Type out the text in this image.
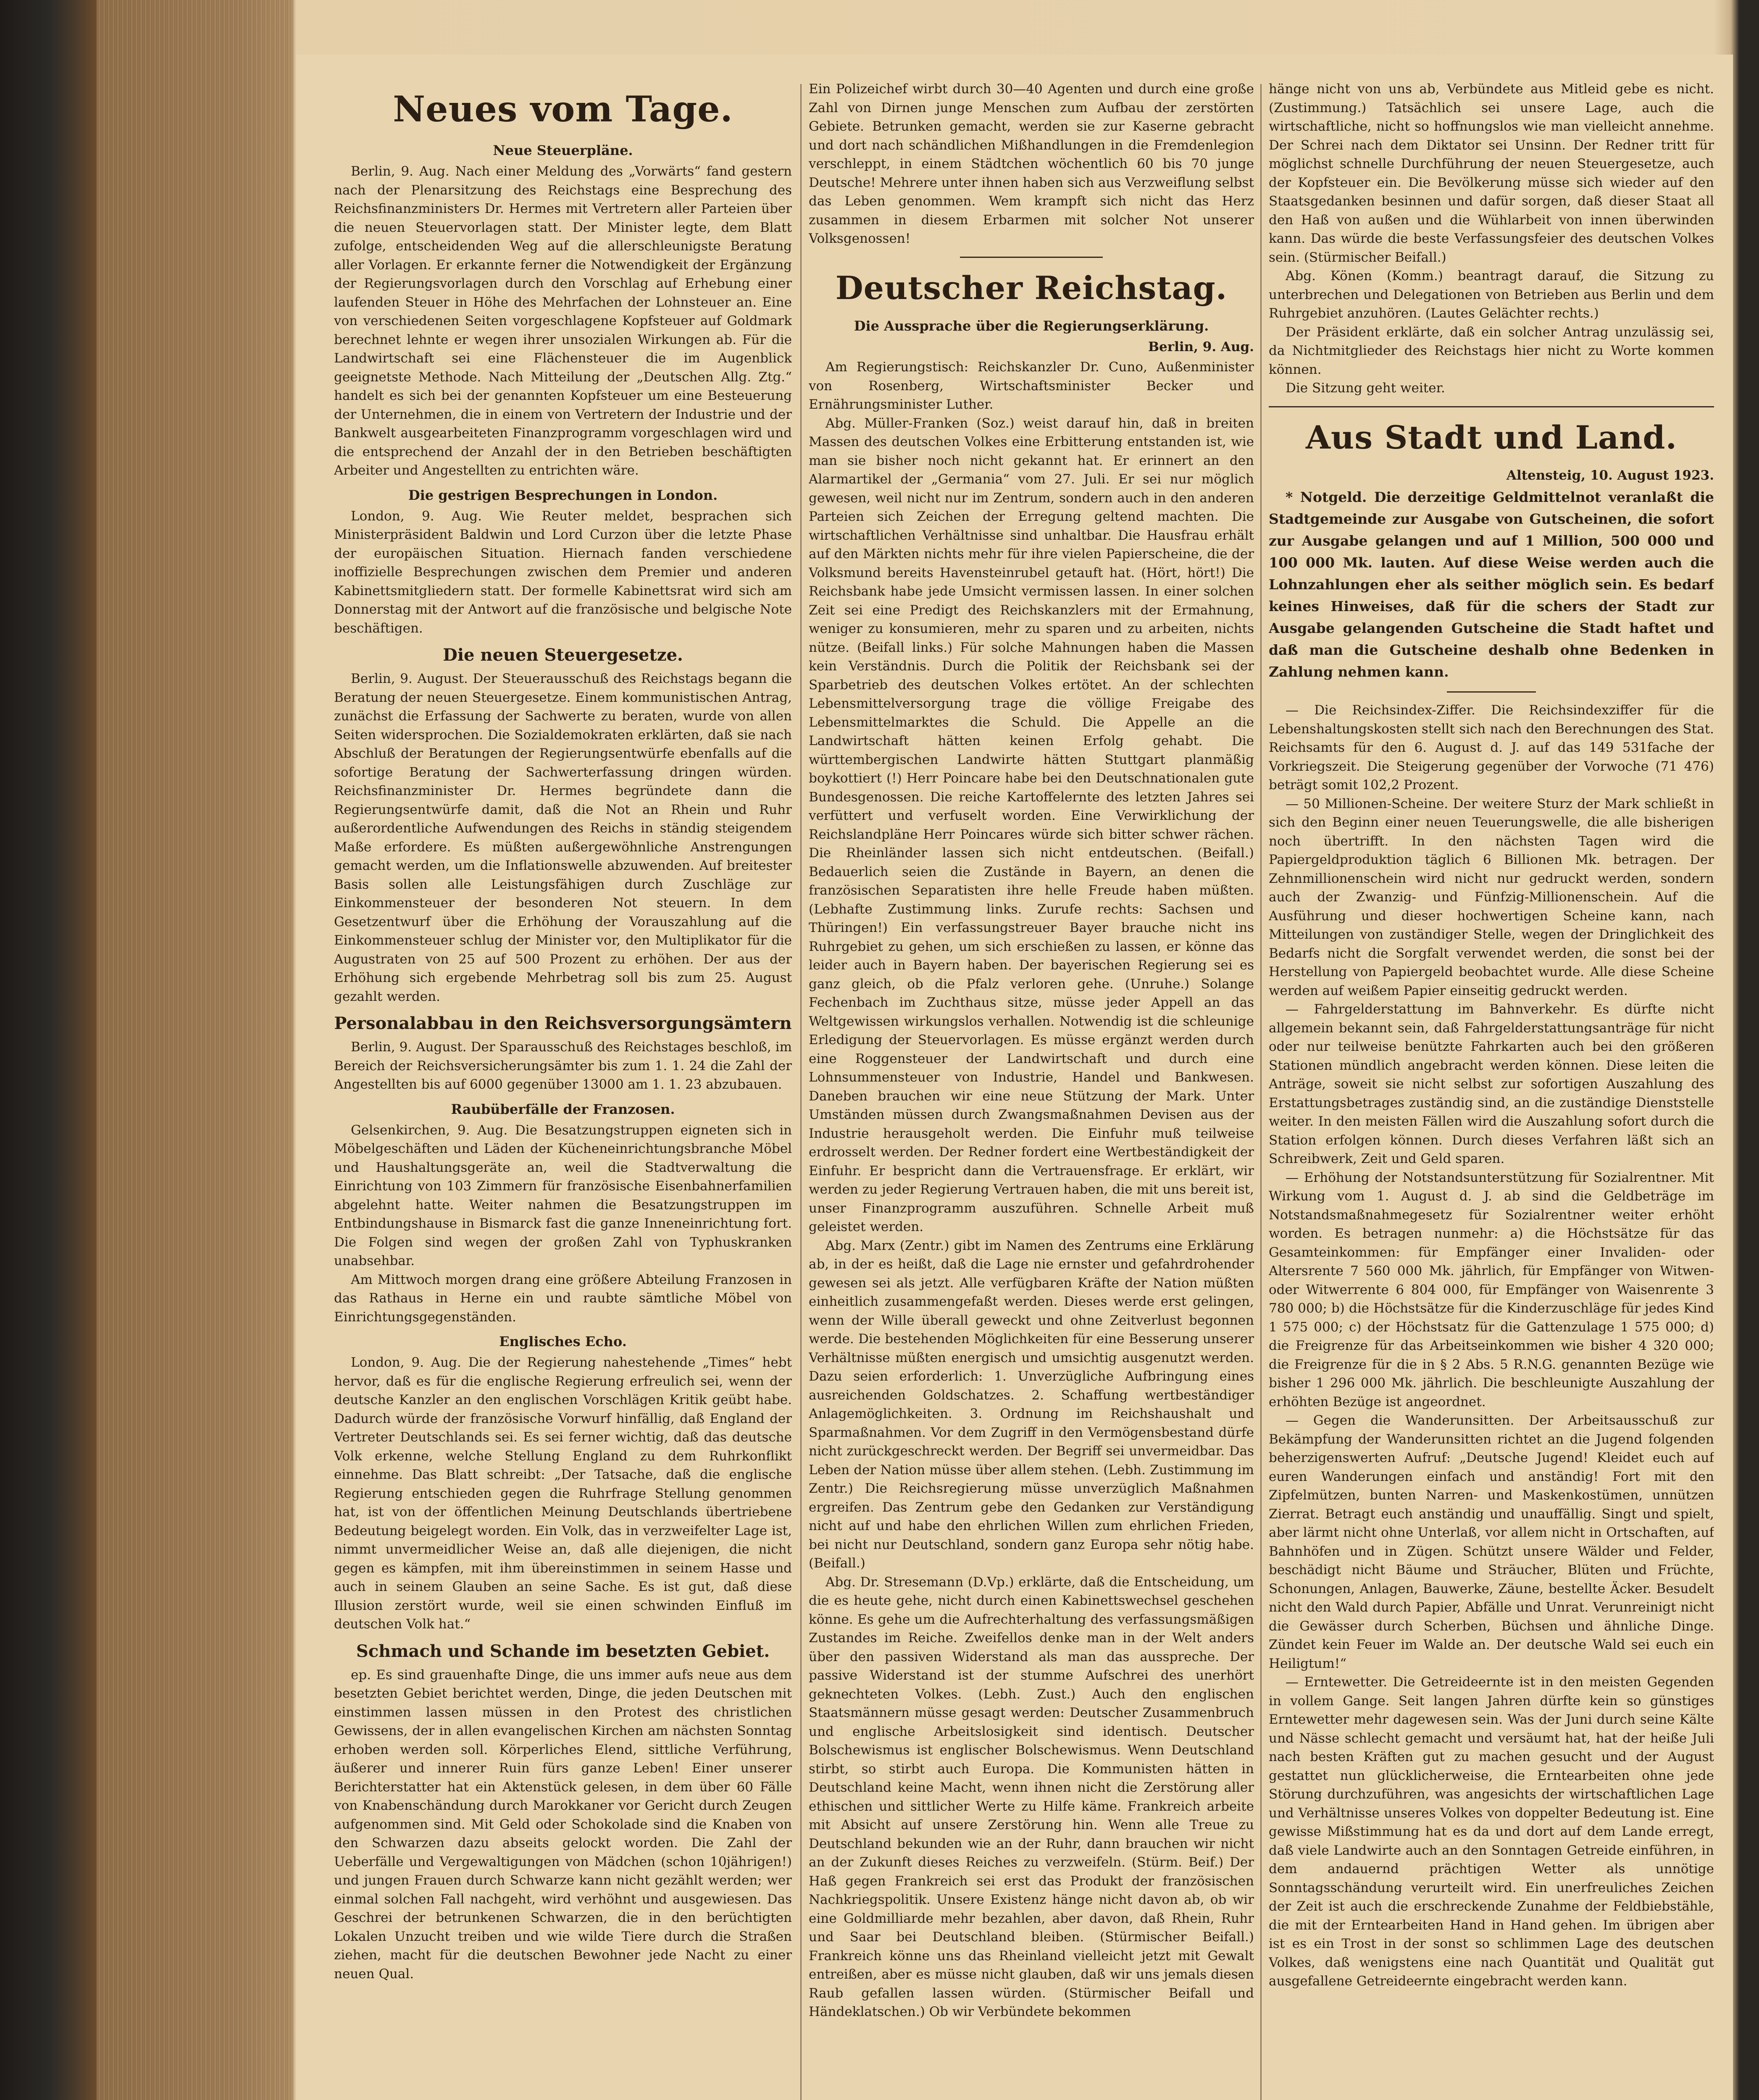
Neues vom Tage.
Neue Steuerpläne.

Berlin, 9. Aug. Nach einer Meldung des „Vorwärts“ fand gestern nach der Plenarsitzung des Reichstags eine Besprechung des Reichsfinanzministers Dr. Hermes mit Vertretern aller Parteien über die neuen Steuervorlagen statt. Der Minister legte, dem Blatt zufolge, entscheidenden Weg auf die allerschleunigste Beratung aller Vorlagen. Er erkannte ferner die Notwendigkeit der Ergänzung der Regierungsvorlagen durch den Vorschlag auf Erhebung einer laufenden Steuer in Höhe des Mehrfachen der Lohnsteuer an. Eine von verschiedenen Seiten vorgeschlagene Kopfsteuer auf Goldmark berechnet lehnte er wegen ihrer unsozialen Wirkungen ab. Für die Landwirtschaft sei eine Flächensteuer die im Augenblick geeignetste Methode. Nach Mitteilung der „Deutschen Allg. Ztg.“ handelt es sich bei der genannten Kopfsteuer um eine Besteuerung der Unternehmen, die in einem von Vertretern der Industrie und der Bankwelt ausgearbeiteten Finanzprogramm vorgeschlagen wird und die entsprechend der Anzahl der in den Betrieben beschäftigten Arbeiter und Angestellten zu entrichten wäre.

Die gestrigen Besprechungen in London.

London, 9. Aug. Wie Reuter meldet, besprachen sich Ministerpräsident Baldwin und Lord Curzon über die letzte Phase der europäischen Situation. Hiernach fanden verschiedene inoffizielle Besprechungen zwischen dem Premier und anderen Kabinettsmitgliedern statt. Der formelle Kabinettsrat wird sich am Donnerstag mit der Antwort auf die französische und belgische Note beschäftigen.

Die neuen Steuergesetze.

Berlin, 9. August. Der Steuerausschuß des Reichstags begann die Beratung der neuen Steuergesetze. Einem kommunistischen Antrag, zunächst die Erfassung der Sachwerte zu beraten, wurde von allen Seiten widersprochen. Die Sozialdemokraten erklärten, daß sie nach Abschluß der Beratungen der Regierungsentwürfe ebenfalls auf die sofortige Beratung der Sachwerterfassung dringen würden. Reichsfinanzminister Dr. Hermes begründete dann die Regierungsentwürfe damit, daß die Not an Rhein und Ruhr außerordentliche Aufwendungen des Reichs in ständig steigendem Maße erfordere. Es müßten außergewöhnliche Anstrengungen gemacht werden, um die Inflationswelle abzuwenden. Auf breitester Basis sollen alle Leistungsfähigen durch Zuschläge zur Einkommensteuer der besonderen Not steuern. In dem Gesetzentwurf über die Erhöhung der Vorauszahlung auf die Einkommensteuer schlug der Minister vor, den Multiplikator für die Augustraten von 25 auf 500 Prozent zu erhöhen. Der aus der Erhöhung sich ergebende Mehrbetrag soll bis zum 25. August gezahlt werden.

Personalabbau in den Reichsversorgungsämtern

Berlin, 9. August. Der Sparausschuß des Reichstages beschloß, im Bereich der Reichsversicherungsämter bis zum 1. 1. 24 die Zahl der Angestellten bis auf 6000 gegenüber 13000 am 1. 1. 23 abzubauen.

Raubüberfälle der Franzosen.

Gelsenkirchen, 9. Aug. Die Besatzungstruppen eigneten sich in Möbelgeschäften und Läden der Kücheneinrichtungsbranche Möbel und Haushaltungsgeräte an, weil die Stadtverwaltung die Einrichtung von 103 Zimmern für französische Eisenbahnerfamilien abgelehnt hatte. Weiter nahmen die Besatzungstruppen im Entbindungshause in Bismarck fast die ganze Inneneinrichtung fort. Die Folgen sind wegen der großen Zahl von Typhuskranken unabsehbar.

Am Mittwoch morgen drang eine größere Abteilung Franzosen in das Rathaus in Herne ein und raubte sämtliche Möbel von Einrichtungsgegenständen.

Englisches Echo.

London, 9. Aug. Die der Regierung nahestehende „Times“ hebt hervor, daß es für die englische Regierung erfreulich sei, wenn der deutsche Kanzler an den englischen Vorschlägen Kritik geübt habe. Dadurch würde der französische Vorwurf hinfällig, daß England der Vertreter Deutschlands sei. Es sei ferner wichtig, daß das deutsche Volk erkenne, welche Stellung England zu dem Ruhrkonflikt einnehme. Das Blatt schreibt: „Der Tatsache, daß die englische Regierung entschieden gegen die Ruhrfrage Stellung genommen hat, ist von der öffentlichen Meinung Deutschlands übertriebene Bedeutung beigelegt worden. Ein Volk, das in verzweifelter Lage ist, nimmt unvermeidlicher Weise an, daß alle diejenigen, die nicht gegen es kämpfen, mit ihm übereinstimmen in seinem Hasse und auch in seinem Glauben an seine Sache. Es ist gut, daß diese Illusion zerstört wurde, weil sie einen schwinden Einfluß im deutschen Volk hat.“

Schmach und Schande im besetzten Gebiet.

ep. Es sind grauenhafte Dinge, die uns immer aufs neue aus dem besetzten Gebiet berichtet werden, Dinge, die jeden Deutschen mit einstimmen lassen müssen in den Protest des christlichen Gewissens, der in allen evangelischen Kirchen am nächsten Sonntag erhoben werden soll. Körperliches Elend, sittliche Verführung, äußerer und innerer Ruin fürs ganze Leben! Einer unserer Berichterstatter hat ein Aktenstück gelesen, in dem über 60 Fälle von Knabenschändung durch Marokkaner vor Gericht durch Zeugen aufgenommen sind. Mit Geld oder Schokolade sind die Knaben von den Schwarzen dazu abseits gelockt worden. Die Zahl der Ueberfälle und Vergewaltigungen von Mädchen (schon 10jährigen!) und jungen Frauen durch Schwarze kann nicht gezählt werden; wer einmal solchen Fall nachgeht, wird verhöhnt und ausgewiesen. Das Geschrei der betrunkenen Schwarzen, die in den berüchtigten Lokalen Unzucht treiben und wie wilde Tiere durch die Straßen ziehen, macht für die deutschen Bewohner jede Nacht zu einer neuen Qual.

Ein Polizeichef wirbt durch 30—40 Agenten und durch eine große Zahl von Dirnen junge Menschen zum Aufbau der zerstörten Gebiete. Betrunken gemacht, werden sie zur Kaserne gebracht und dort nach schändlichen Mißhandlungen in die Fremdenlegion verschleppt, in einem Städtchen wöchentlich 60 bis 70 junge Deutsche! Mehrere unter ihnen haben sich aus Verzweiflung selbst das Leben genommen. Wem krampft sich nicht das Herz zusammen in diesem Erbarmen mit solcher Not unserer Volksgenossen!

Deutscher Reichstag.
Die Aussprache über die Regierungserklärung.
Berlin, 9. Aug.

Am Regierungstisch: Reichskanzler Dr. Cuno, Außenminister von Rosenberg, Wirtschaftsminister Becker und Ernährungsminister Luther.

Abg. Müller-Franken (Soz.) weist darauf hin, daß in breiten Massen des deutschen Volkes eine Erbitterung entstanden ist, wie man sie bisher noch nicht gekannt hat. Er erinnert an den Alarmartikel der „Germania“ vom 27. Juli. Er sei nur möglich gewesen, weil nicht nur im Zentrum, sondern auch in den anderen Parteien sich Zeichen der Erregung geltend machten. Die wirtschaftlichen Verhältnisse sind unhaltbar. Die Hausfrau erhält auf den Märkten nichts mehr für ihre vielen Papierscheine, die der Volksmund bereits Havensteinrubel getauft hat. (Hört, hört!) Die Reichsbank habe jede Umsicht vermissen lassen. In einer solchen Zeit sei eine Predigt des Reichskanzlers mit der Ermahnung, weniger zu konsumieren, mehr zu sparen und zu arbeiten, nichts nütze. (Beifall links.) Für solche Mahnungen haben die Massen kein Verständnis. Durch die Politik der Reichsbank sei der Sparbetrieb des deutschen Volkes ertötet. An der schlechten Lebensmittelversorgung trage die völlige Freigabe des Lebensmittelmarktes die Schuld. Die Appelle an die Landwirtschaft hätten keinen Erfolg gehabt. Die württembergischen Landwirte hätten Stuttgart planmäßig boykottiert (!) Herr Poincare habe bei den Deutschnationalen gute Bundesgenossen. Die reiche Kartoffelernte des letzten Jahres sei verfüttert und verfuselt worden. Eine Verwirklichung der Reichslandpläne Herr Poincares würde sich bitter schwer rächen. Die Rheinländer lassen sich nicht entdeutschen. (Beifall.) Bedauerlich seien die Zustände in Bayern, an denen die französischen Separatisten ihre helle Freude haben müßten. (Lebhafte Zustimmung links. Zurufe rechts: Sachsen und Thüringen!) Ein verfassungstreuer Bayer brauche nicht ins Ruhrgebiet zu gehen, um sich erschießen zu lassen, er könne das leider auch in Bayern haben. Der bayerischen Regierung sei es ganz gleich, ob die Pfalz verloren gehe. (Unruhe.) Solange Fechenbach im Zuchthaus sitze, müsse jeder Appell an das Weltgewissen wirkungslos verhallen. Notwendig ist die schleunige Erledigung der Steuervorlagen. Es müsse ergänzt werden durch eine Roggensteuer der Landwirtschaft und durch eine Lohnsummensteuer von Industrie, Handel und Bankwesen. Daneben brauchen wir eine neue Stützung der Mark. Unter Umständen müssen durch Zwangsmaßnahmen Devisen aus der Industrie herausgeholt werden. Die Einfuhr muß teilweise erdrosselt werden. Der Redner fordert eine Wertbeständigkeit der Einfuhr. Er bespricht dann die Vertrauensfrage. Er erklärt, wir werden zu jeder Regierung Vertrauen haben, die mit uns bereit ist, unser Finanzprogramm auszuführen. Schnelle Arbeit muß geleistet werden.

Abg. Marx (Zentr.) gibt im Namen des Zentrums eine Erklärung ab, in der es heißt, daß die Lage nie ernster und gefahrdrohender gewesen sei als jetzt. Alle verfügbaren Kräfte der Nation müßten einheitlich zusammengefaßt werden. Dieses werde erst gelingen, wenn der Wille überall geweckt und ohne Zeitverlust begonnen werde. Die bestehenden Möglichkeiten für eine Besserung unserer Verhältnisse müßten energisch und umsichtig ausgenutzt werden. Dazu seien erforderlich: 1. Unverzügliche Aufbringung eines ausreichenden Goldschatzes. 2. Schaffung wertbeständiger Anlagemöglichkeiten. 3. Ordnung im Reichshaushalt und Sparmaßnahmen. Vor dem Zugriff in den Vermögensbestand dürfe nicht zurückgeschreckt werden. Der Begriff sei unvermeidbar. Das Leben der Nation müsse über allem stehen. (Lebh. Zustimmung im Zentr.) Die Reichsregierung müsse unverzüglich Maßnahmen ergreifen. Das Zentrum gebe den Gedanken zur Verständigung nicht auf und habe den ehrlichen Willen zum ehrlichen Frieden, bei nicht nur Deutschland, sondern ganz Europa sehr nötig habe. (Beifall.)

Abg. Dr. Stresemann (D.Vp.) erklärte, daß die Entscheidung, um die es heute gehe, nicht durch einen Kabinettswechsel geschehen könne. Es gehe um die Aufrechterhaltung des verfassungsmäßigen Zustandes im Reiche. Zweifellos denke man in der Welt anders über den passiven Widerstand als man das ausspreche. Der passive Widerstand ist der stumme Aufschrei des unerhört geknechteten Volkes. (Lebh. Zust.) Auch den englischen Staatsmännern müsse gesagt werden: Deutscher Zusammenbruch und englische Arbeitslosigkeit sind identisch. Deutscher Bolschewismus ist englischer Bolschewismus. Wenn Deutschland stirbt, so stirbt auch Europa. Die Kommunisten hätten in Deutschland keine Macht, wenn ihnen nicht die Zerstörung aller ethischen und sittlicher Werte zu Hilfe käme. Frankreich arbeite mit Absicht auf unsere Zerstörung hin. Wenn alle Treue zu Deutschland bekunden wie an der Ruhr, dann brauchen wir nicht an der Zukunft dieses Reiches zu verzweifeln. (Stürm. Beif.) Der Haß gegen Frankreich sei erst das Produkt der französischen Nachkriegspolitik. Unsere Existenz hänge nicht davon ab, ob wir eine Goldmilliarde mehr bezahlen, aber davon, daß Rhein, Ruhr und Saar bei Deutschland bleiben. (Stürmischer Beifall.) Frankreich könne uns das Rheinland vielleicht jetzt mit Gewalt entreißen, aber es müsse nicht glauben, daß wir uns jemals diesen Raub gefallen lassen würden. (Stürmischer Beifall und Händeklatschen.) Ob wir Verbündete bekommen

hänge nicht von uns ab, Verbündete aus Mitleid gebe es nicht. (Zustimmung.) Tatsächlich sei unsere Lage, auch die wirtschaftliche, nicht so hoffnungslos wie man vielleicht annehme. Der Schrei nach dem Diktator sei Unsinn. Der Redner tritt für möglichst schnelle Durchführung der neuen Steuergesetze, auch der Kopfsteuer ein. Die Bevölkerung müsse sich wieder auf den Staatsgedanken besinnen und dafür sorgen, daß dieser Staat all den Haß von außen und die Wühlarbeit von innen überwinden kann. Das würde die beste Verfassungsfeier des deutschen Volkes sein. (Stürmischer Beifall.)

Abg. Könen (Komm.) beantragt darauf, die Sitzung zu unterbrechen und Delegationen von Betrieben aus Berlin und dem Ruhrgebiet anzuhören. (Lautes Gelächter rechts.)

Der Präsident erklärte, daß ein solcher Antrag unzulässig sei, da Nichtmitglieder des Reichstags hier nicht zu Worte kommen können.

Die Sitzung geht weiter.

Aus Stadt und Land.
Altensteig, 10. August 1923.

* Notgeld. Die derzeitige Geldmittelnot veranlaßt die Stadtgemeinde zur Ausgabe von Gutscheinen, die sofort zur Ausgabe gelangen und auf 1 Million, 500 000 und 100 000 Mk. lauten. Auf diese Weise werden auch die Lohnzahlungen eher als seither möglich sein. Es bedarf keines Hinweises, daß für die schers der Stadt zur Ausgabe gelangenden Gutscheine die Stadt haftet und daß man die Gutscheine deshalb ohne Bedenken in Zahlung nehmen kann.

— Die Reichsindex-Ziffer. Die Reichsindexziffer für die Lebenshaltungskosten stellt sich nach den Berechnungen des Stat. Reichsamts für den 6. August d. J. auf das 149 531fache der Vorkriegszeit. Die Steigerung gegenüber der Vorwoche (71 476) beträgt somit 102,2 Prozent.

— 50 Millionen-Scheine. Der weitere Sturz der Mark schließt in sich den Beginn einer neuen Teuerungswelle, die alle bisherigen noch übertrifft. In den nächsten Tagen wird die Papiergeldproduktion täglich 6 Billionen Mk. betragen. Der Zehnmillionenschein wird nicht nur gedruckt werden, sondern auch der Zwanzig- und Fünfzig-Millionenschein. Auf die Ausführung und dieser hochwertigen Scheine kann, nach Mitteilungen von zuständiger Stelle, wegen der Dringlichkeit des Bedarfs nicht die Sorgfalt verwendet werden, die sonst bei der Herstellung von Papiergeld beobachtet wurde. Alle diese Scheine werden auf weißem Papier einseitig gedruckt werden.

— Fahrgelderstattung im Bahnverkehr. Es dürfte nicht allgemein bekannt sein, daß Fahrgelderstattungsanträge für nicht oder nur teilweise benützte Fahrkarten auch bei den größeren Stationen mündlich angebracht werden können. Diese leiten die Anträge, soweit sie nicht selbst zur sofortigen Auszahlung des Erstattungsbetrages zuständig sind, an die zuständige Dienststelle weiter. In den meisten Fällen wird die Auszahlung sofort durch die Station erfolgen können. Durch dieses Verfahren läßt sich an Schreibwerk, Zeit und Geld sparen.

— Erhöhung der Notstandsunterstützung für Sozialrentner. Mit Wirkung vom 1. August d. J. ab sind die Geldbeträge im Notstandsmaßnahmegesetz für Sozialrentner weiter erhöht worden. Es betragen nunmehr: a) die Höchstsätze für das Gesamteinkommen: für Empfänger einer Invaliden- oder Altersrente 7 560 000 Mk. jährlich, für Empfänger von Witwen- oder Witwerrente 6 804 000, für Empfänger von Waisenrente 3 780 000; b) die Höchstsätze für die Kinderzuschläge für jedes Kind 1 575 000; c) der Höchstsatz für die Gattenzulage 1 575 000; d) die Freigrenze für das Arbeitseinkommen wie bisher 4 320 000; die Freigrenze für die in § 2 Abs. 5 R.N.G. genannten Bezüge wie bisher 1 296 000 Mk. jährlich. Die beschleunigte Auszahlung der erhöhten Bezüge ist angeordnet.

— Gegen die Wanderunsitten. Der Arbeitsausschuß zur Bekämpfung der Wanderunsitten richtet an die Jugend folgenden beherzigenswerten Aufruf: „Deutsche Jugend! Kleidet euch auf euren Wanderungen einfach und anständig! Fort mit den Zipfelmützen, bunten Narren- und Maskenkostümen, unnützen Zierrat. Betragt euch anständig und unauffällig. Singt und spielt, aber lärmt nicht ohne Unterlaß, vor allem nicht in Ortschaften, auf Bahnhöfen und in Zügen. Schützt unsere Wälder und Felder, beschädigt nicht Bäume und Sträucher, Blüten und Früchte, Schonungen, Anlagen, Bauwerke, Zäune, bestellte Äcker. Besudelt nicht den Wald durch Papier, Abfälle und Unrat. Verunreinigt nicht die Gewässer durch Scherben, Büchsen und ähnliche Dinge. Zündet kein Feuer im Walde an. Der deutsche Wald sei euch ein Heiligtum!“

— Erntewetter. Die Getreideernte ist in den meisten Gegenden in vollem Gange. Seit langen Jahren dürfte kein so günstiges Erntewetter mehr dagewesen sein. Was der Juni durch seine Kälte und Nässe schlecht gemacht und versäumt hat, hat der heiße Juli nach besten Kräften gut zu machen gesucht und der August gestattet nun glücklicherweise, die Erntearbeiten ohne jede Störung durchzuführen, was angesichts der wirtschaftlichen Lage und Verhältnisse unseres Volkes von doppelter Bedeutung ist. Eine gewisse Mißstimmung hat es da und dort auf dem Lande erregt, daß viele Landwirte auch an den Sonntagen Getreide einführen, in dem andauernd prächtigen Wetter als unnötige Sonntagsschändung verurteilt wird. Ein unerfreuliches Zeichen der Zeit ist auch die erschreckende Zunahme der Feldbiebstähle, die mit der Erntearbeiten Hand in Hand gehen. Im übrigen aber ist es ein Trost in der sonst so schlimmen Lage des deutschen Volkes, daß wenigstens eine nach Quantität und Qualität gut ausgefallene Getreideernte eingebracht werden kann.
